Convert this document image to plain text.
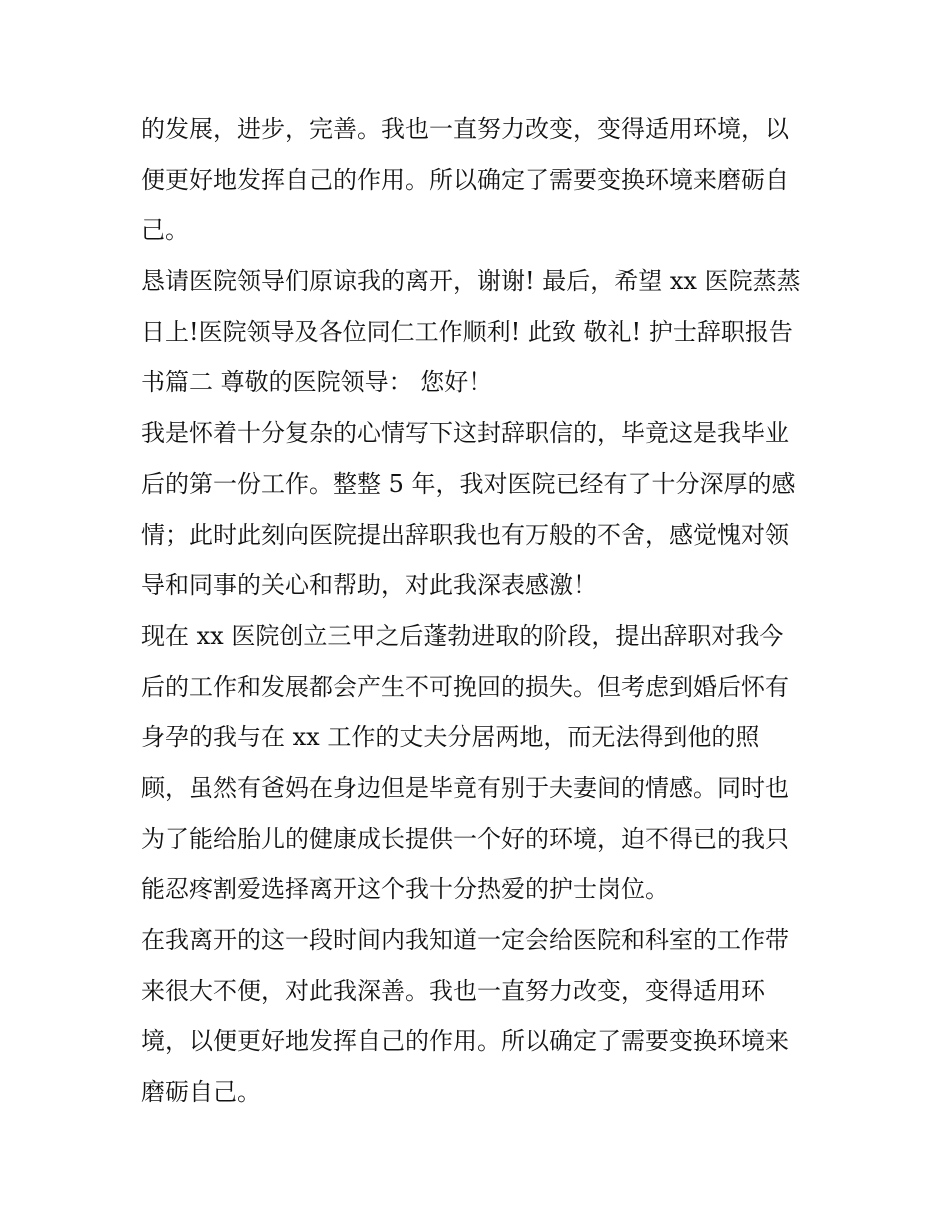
的发展，进步，完善。我也一直努力改变，变得适用环境，以
便更好地发挥自己的作用。所以确定了需要变换环境来磨砺自
己。
恳请医院领导们原谅我的离开，谢谢! 最后，希望 xx 医院蒸蒸
日上!医院领导及各位同仁工作顺利! 此致 敬礼! 护士辞职报告
书篇二 尊敬的医院领导： 您好！
我是怀着十分复杂的心情写下这封辞职信的，毕竟这是我毕业
后的第一份工作。整整 5 年，我对医院已经有了十分深厚的感
情；此时此刻向医院提出辞职我也有万般的不舍，感觉愧对领
导和同事的关心和帮助，对此我深表感激！
现在 xx 医院创立三甲之后蓬勃进取的阶段，提出辞职对我今
后的工作和发展都会产生不可挽回的损失。但考虑到婚后怀有
身孕的我与在 xx 工作的丈夫分居两地，而无法得到他的照
顾，虽然有爸妈在身边但是毕竟有别于夫妻间的情感。同时也
为了能给胎儿的健康成长提供一个好的环境，迫不得已的我只
能忍疼割爱选择离开这个我十分热爱的护士岗位。
在我离开的这一段时间内我知道一定会给医院和科室的工作带
来很大不便，对此我深善。我也一直努力改变，变得适用环
境，以便更好地发挥自己的作用。所以确定了需要变换环境来
磨砺自己。
